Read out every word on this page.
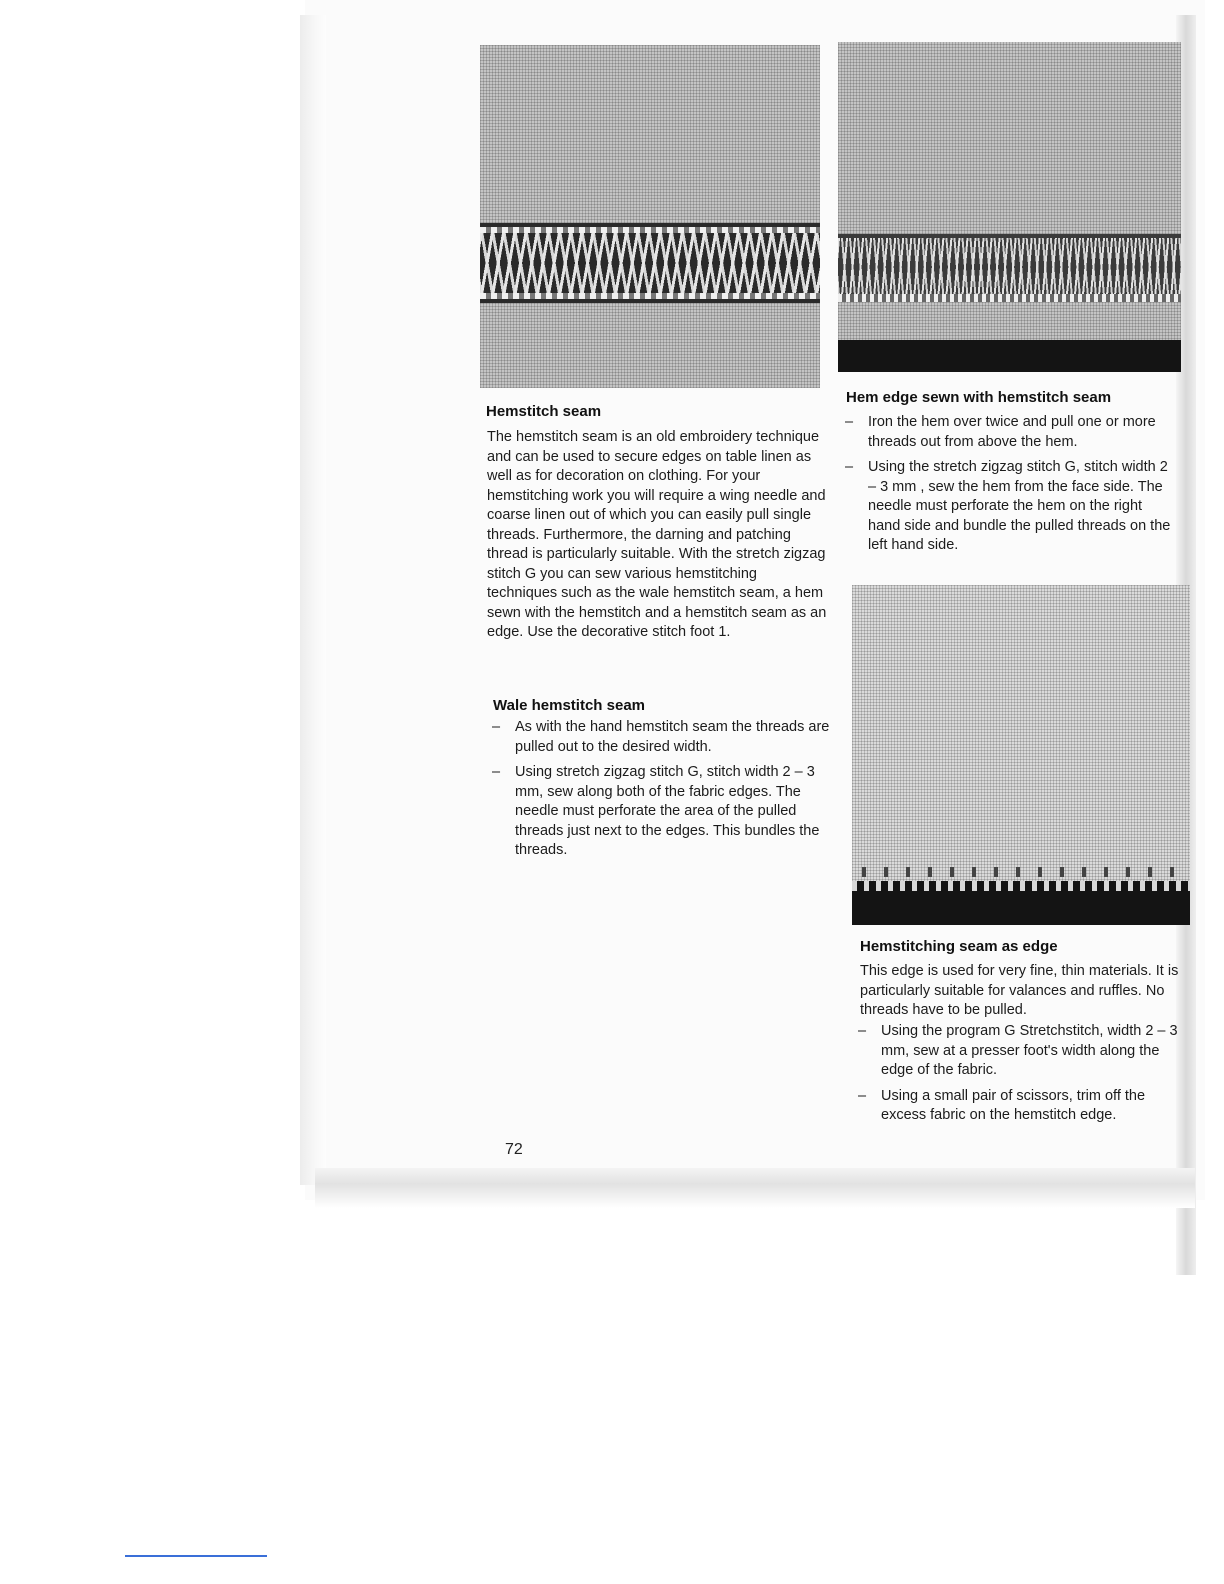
Hemstitch seam

The hemstitch seam is an old embroidery technique and can be used to secure edges on table linen as well as for decoration on clothing. For your hemstitching work you will require a wing needle and coarse linen out of which you can easily pull single threads. Furthermore, the darning and patching thread is particularly suitable. With the stretch zigzag stitch G you can sew various hemstitching techniques such as the wale hemstitch seam, a hem sewn with the hemstitch and a hemstitch seam as an edge. Use the decorative stitch foot 1.

Wale hemstitch seam
– As with the hand hemstitch seam the threads are pulled out to the desired width.
– Using stretch zigzag stitch G, stitch width 2 – 3 mm, sew along both of the fabric edges. The needle must perforate the area of the pulled threads just next to the edges. This bundles the threads.
Hem edge sewn with hemstitch seam
– Iron the hem over twice and pull one or more threads out from above the hem.
– Using the stretch zigzag stitch G, stitch width 2 – 3 mm , sew the hem from the face side. The needle must perforate the hem on the right hand side and bundle the pulled threads on the left hand side.
Hemstitching seam as edge

This edge is used for very fine, thin materials. It is particularly suitable for valances and ruffles. No threads have to be pulled.

– Using the program G Stretchstitch, width 2 – 3 mm, sew at a presser foot's width along the edge of the fabric.
– Using a small pair of scissors, trim off the excess fabric on the hemstitch edge.
72
